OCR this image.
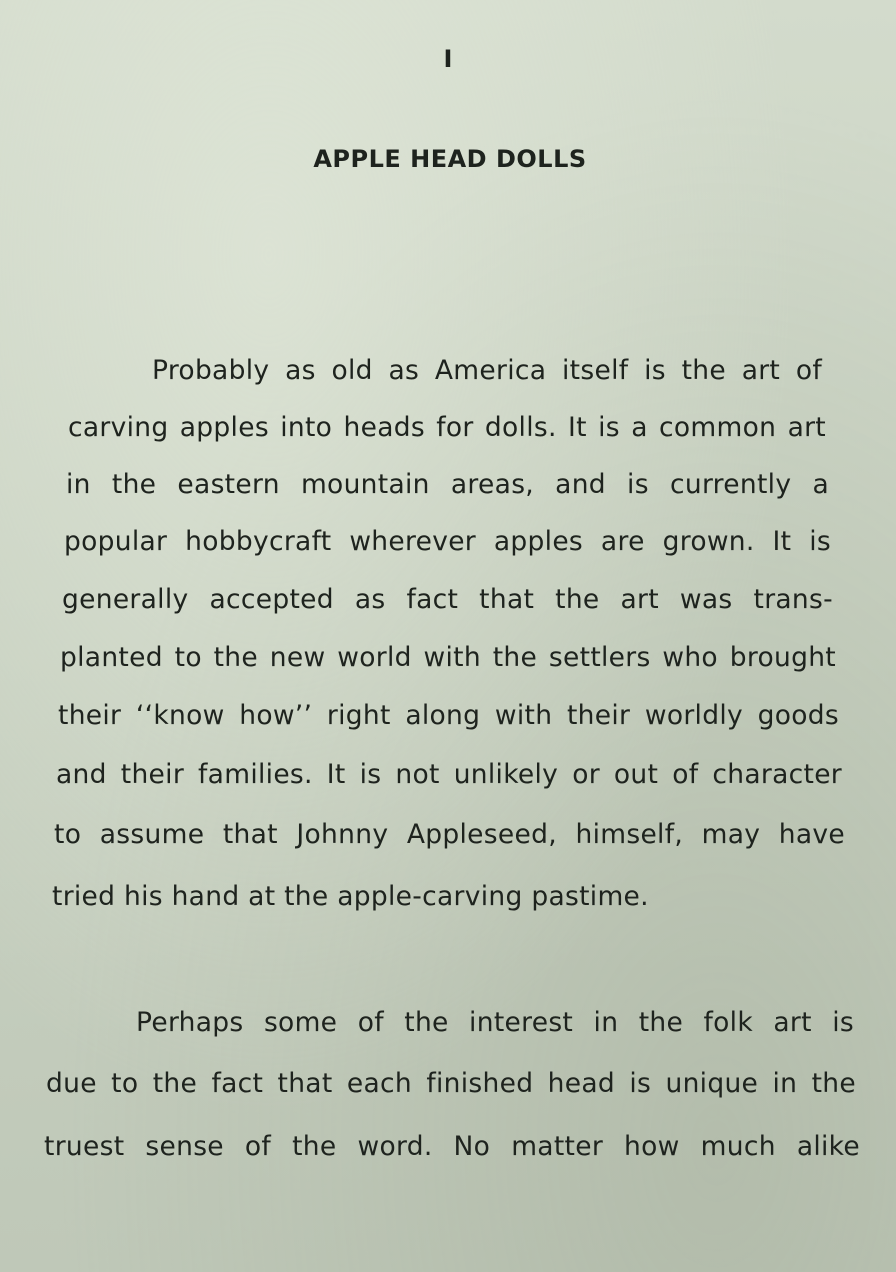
I
APPLE HEAD DOLLS
Probably as old as America itself is the art of
carving apples into heads for dolls. It is a common art
in the eastern mountain areas, and is currently a
popular hobbycraft wherever apples are grown. It is
generally accepted as fact that the art was trans-
planted to the new world with the settlers who brought
their ‘‘know how’’ right along with their worldly goods
and their families. It is not unlikely or out of character
to assume that Johnny Appleseed, himself, may have
tried his hand at the apple-carving pastime.
Perhaps some of the interest in the folk art is
due to the fact that each finished head is unique in the
truest sense of the word. No matter how much alike
